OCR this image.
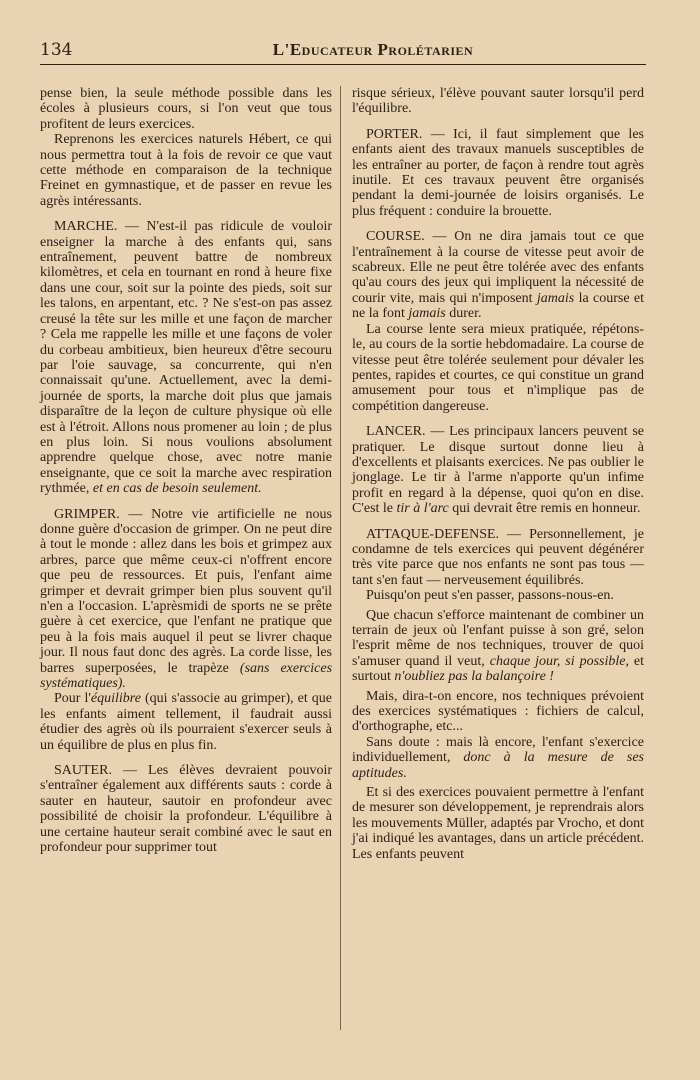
134	L'Educateur Prolétarien

pense bien, la seule méthode possible dans les écoles à plusieurs cours, si l'on veut que tous profitent de leurs exercices.

Reprenons les exercices naturels Hébert, ce qui nous permettra tout à la fois de revoir ce que vaut cette méthode en comparaison de la technique Freinet en gymnastique, et de passer en revue les agrès intéressants.

MARCHE. — N'est-il pas ridicule de vouloir enseigner la marche à des enfants qui, sans entraînement, peuvent battre de nombreux kilomètres, et cela en tournant en rond à heure fixe dans une cour, soit sur la pointe des pieds, soit sur les talons, en arpentant, etc. ? Ne s'est-on pas assez creusé la tête sur les mille et une façon de marcher ? Cela me rappelle les mille et une façons de voler du corbeau ambitieux, bien heureux d'être secouru par l'oie sauvage, sa concurrente, qui n'en connaissait qu'une. Actuellement, avec la demi-journée de sports, la marche doit plus que jamais disparaître de la leçon de culture physique où elle est à l'étroit. Allons nous promener au loin ; de plus en plus loin. Si nous voulions absolument apprendre quelque chose, avec notre manie enseignante, que ce soit la marche avec respiration rythmée, et en cas de besoin seulement.

GRIMPER. — Notre vie artificielle ne nous donne guère d'occasion de grimper. On ne peut dire à tout le monde : allez dans les bois et grimpez aux arbres, parce que même ceux-ci n'offrent encore que peu de ressources. Et puis, l'enfant aime grimper et devrait grimper bien plus souvent qu'il n'en a l'occasion. L'aprèsmidi de sports ne se prête guère à cet exercice, que l'enfant ne pratique que peu à la fois mais auquel il peut se livrer chaque jour. Il nous faut donc des agrès. La corde lisse, les barres superposées, le trapèze (sans exercices systématiques).

Pour l'équilibre (qui s'associe au grimper), et que les enfants aiment tellement, il faudrait aussi étudier des agrès où ils pourraient s'exercer seuls à un équilibre de plus en plus fin.

SAUTER. — Les élèves devraient pouvoir s'entraîner également aux différents sauts : corde à sauter en hauteur, sautoir en profondeur avec possibilité de choisir la profondeur. L'équilibre à une certaine hauteur serait combiné avec le saut en profondeur pour supprimer tout

risque sérieux, l'élève pouvant sauter lorsqu'il perd l'équilibre.

PORTER. — Ici, il faut simplement que les enfants aient des travaux manuels susceptibles de les entraîner au porter, de façon à rendre tout agrès inutile. Et ces travaux peuvent être organisés pendant la demi-journée de loisirs organisés. Le plus fréquent : conduire la brouette.

COURSE. — On ne dira jamais tout ce que l'entraînement à la course de vitesse peut avoir de scabreux. Elle ne peut être tolérée avec des enfants qu'au cours des jeux qui impliquent la nécessité de courir vite, mais qui n'imposent jamais la course et ne la font jamais durer.

La course lente sera mieux pratiquée, répétons-le, au cours de la sortie hebdomadaire. La course de vitesse peut être tolérée seulement pour dévaler les pentes, rapides et courtes, ce qui constitue un grand amusement pour tous et n'implique pas de compétition dangereuse.

LANCER. — Les principaux lancers peuvent se pratiquer. Le disque surtout donne lieu à d'excellents et plaisants exercices. Ne pas oublier le jonglage. Le tir à l'arme n'apporte qu'un infime profit en regard à la dépense, quoi qu'on en dise. C'est le tir à l'arc qui devrait être remis en honneur.

ATTAQUE-DEFENSE. — Personnellement, je condamne de tels exercices qui peuvent dégénérer très vite parce que nos enfants ne sont pas tous — tant s'en faut — nerveusement équilibrés.

Puisqu'on peut s'en passer, passons-nous-en.

Que chacun s'efforce maintenant de combiner un terrain de jeux où l'enfant puisse à son gré, selon l'esprit même de nos techniques, trouver de quoi s'amuser quand il veut, chaque jour, si possible, et surtout n'oubliez pas la balançoire !

Mais, dira-t-on encore, nos techniques prévoient des exercices systématiques : fichiers de calcul, d'orthographe, etc...

Sans doute : mais là encore, l'enfant s'exercice individuellement, donc à la mesure de ses aptitudes.

Et si des exercices pouvaient permettre à l'enfant de mesurer son développement, je reprendrais alors les mouvements Müller, adaptés par Vrocho, et dont j'ai indiqué les avantages, dans un article précédent. Les enfants peuvent
